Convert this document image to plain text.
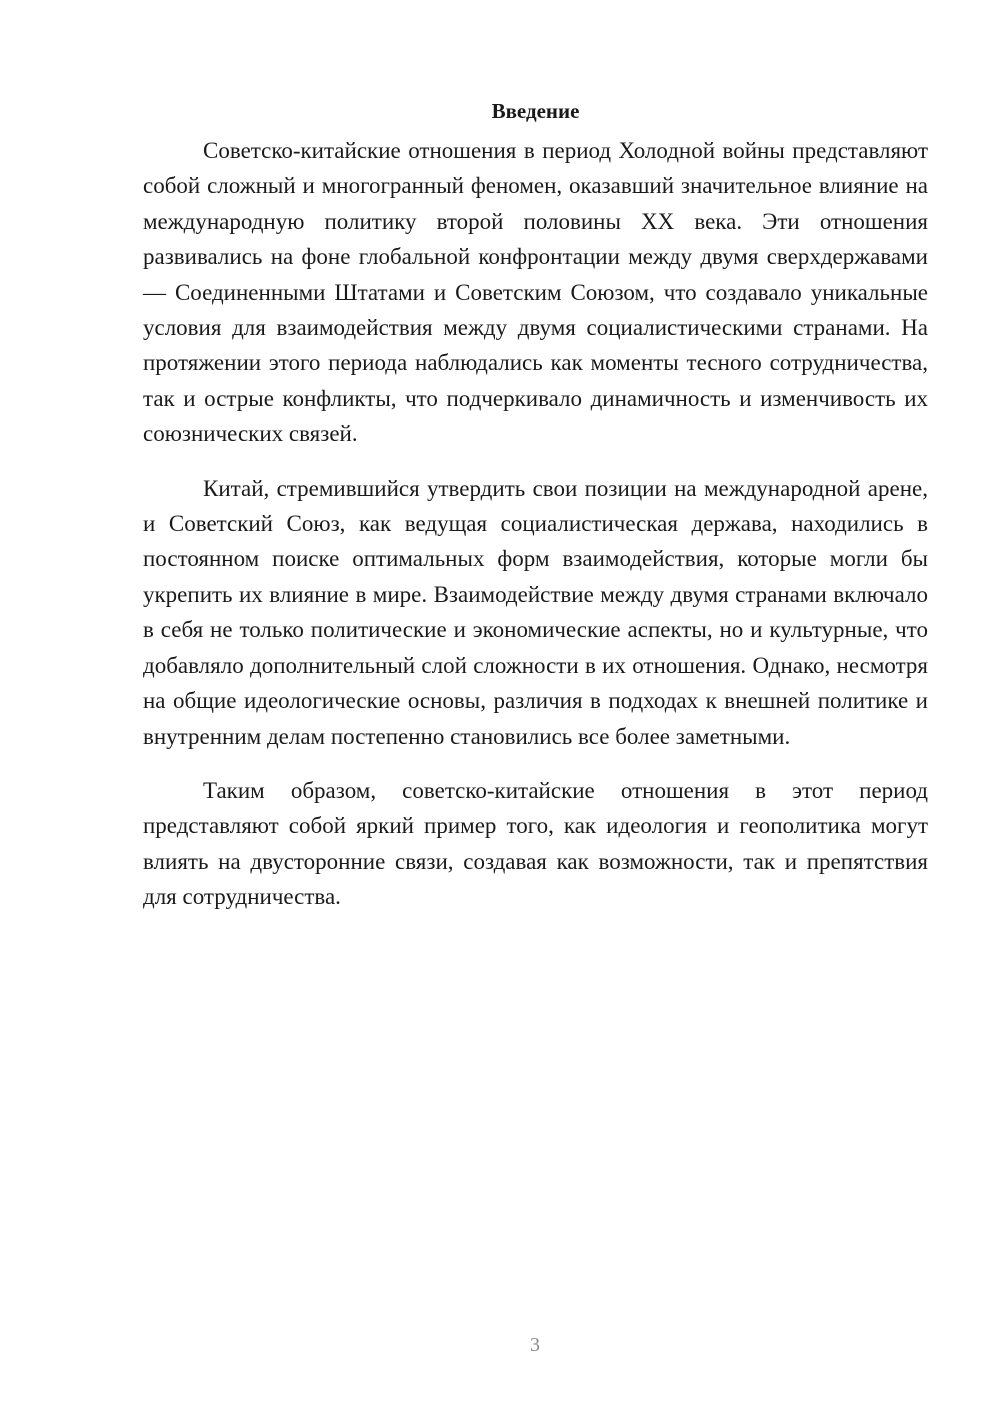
Введение

Советско-китайские отношения в период Холодной войны представляют собой сложный и многогранный феномен, оказавший значительное влияние на международную политику второй половины XX века. Эти отношения развивались на фоне глобальной конфронтации между двумя сверхдержавами — Соединенными Штатами и Советским Союзом, что создавало уникальные условия для взаимодействия между двумя социалистическими странами. На протяжении этого периода наблюдались как моменты тесного сотрудничества, так и острые конфликты, что подчеркивало динамичность и изменчивость их союзнических связей.

Китай, стремившийся утвердить свои позиции на международной арене, и Советский Союз, как ведущая социалистическая держава, находились в постоянном поиске оптимальных форм взаимодействия, которые могли бы укрепить их влияние в мире. Взаимодействие между двумя странами включало в себя не только политические и экономические аспекты, но и культурные, что добавляло дополнительный слой сложности в их отношения. Однако, несмотря на общие идеологические основы, различия в подходах к внешней политике и внутренним делам постепенно становились все более заметными.

Таким образом, советско-китайские отношения в этот период представляют собой яркий пример того, как идеология и геополитика могут влиять на двусторонние связи, создавая как возможности, так и препятствия для сотрудничества.

3
